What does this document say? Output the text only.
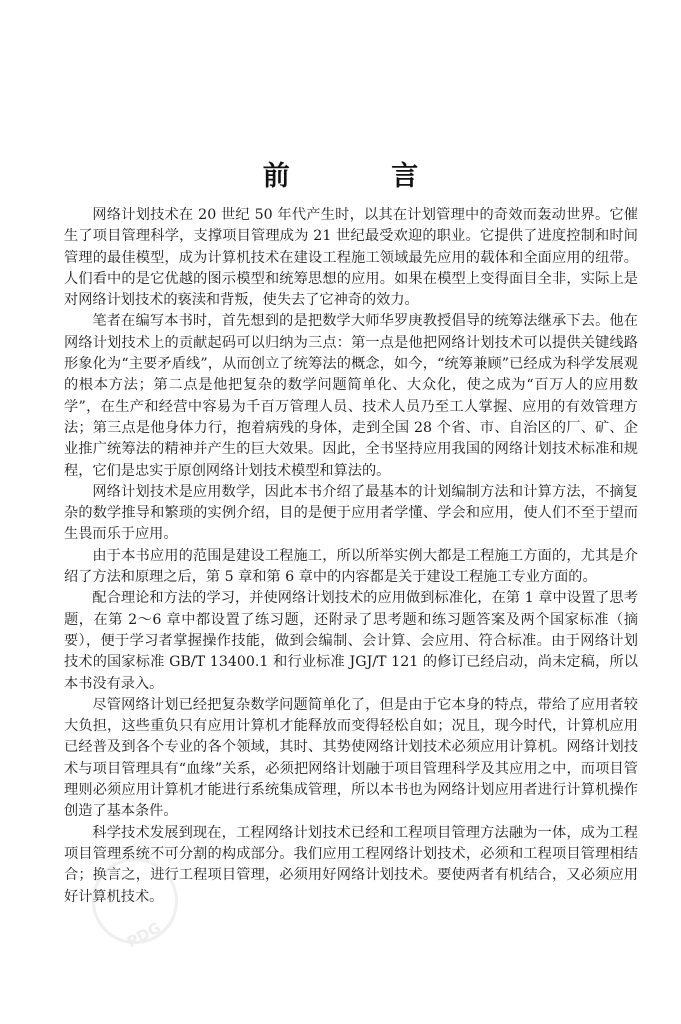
前 言

网络计划技术在 20 世纪 50 年代产生时，以其在计划管理中的奇效而轰动世界。它催生了项目管理科学，支撑项目管理成为 21 世纪最受欢迎的职业。它提供了进度控制和时间管理的最佳模型，成为计算机技术在建设工程施工领域最先应用的载体和全面应用的纽带。人们看中的是它优越的图示模型和统筹思想的应用。如果在模型上变得面目全非，实际上是对网络计划技术的亵渎和背叛，使失去了它神奇的效力。

笔者在编写本书时，首先想到的是把数学大师华罗庚教授倡导的统筹法继承下去。他在网络计划技术上的贡献起码可以归纳为三点：第一点是他把网络计划技术可以提供关键线路形象化为“主要矛盾线”，从而创立了统筹法的概念，如今，“统筹兼顾”已经成为科学发展观的根本方法；第二点是他把复杂的数学问题简单化、大众化，使之成为“百万人的应用数学”，在生产和经营中容易为千百万管理人员、技术人员乃至工人掌握、应用的有效管理方法；第三点是他身体力行，抱着病残的身体，走到全国 28 个省、市、自治区的厂、矿、企业推广统筹法的精神并产生的巨大效果。因此，全书坚持应用我国的网络计划技术标准和规程，它们是忠实于原创网络计划技术模型和算法的。

网络计划技术是应用数学，因此本书介绍了最基本的计划编制方法和计算方法，不摘复杂的数学推导和繁琐的实例介绍，目的是便于应用者学懂、学会和应用，使人们不至于望而生畏而乐于应用。

由于本书应用的范围是建设工程施工，所以所举实例大都是工程施工方面的，尤其是介绍了方法和原理之后，第 5 章和第 6 章中的内容都是关于建设工程施工专业方面的。

配合理论和方法的学习，并使网络计划技术的应用做到标准化，在第 1 章中设置了思考题，在第 2～6 章中都设置了练习题，还附录了思考题和练习题答案及两个国家标准（摘要），便于学习者掌握操作技能，做到会编制、会计算、会应用、符合标准。由于网络计划技术的国家标准 GB/T 13400.1 和行业标准 JGJ/T 121 的修订已经启动，尚未定稿，所以本书没有录入。

尽管网络计划已经把复杂数学问题简单化了，但是由于它本身的特点，带给了应用者较大负担，这些重负只有应用计算机才能释放而变得轻松自如；况且，现今时代，计算机应用已经普及到各个专业的各个领域，其时、其势使网络计划技术必须应用计算机。网络计划技术与项目管理具有“血缘”关系，必须把网络计划融于项目管理科学及其应用之中，而项目管理则必须应用计算机才能进行系统集成管理，所以本书也为网络计划应用者进行计算机操作创造了基本条件。

科学技术发展到现在，工程网络计划技术已经和工程项目管理方法融为一体，成为工程项目管理系统不可分割的构成部分。我们应用工程网络计划技术，必须和工程项目管理相结合；换言之，进行工程项目管理，必须用好网络计划技术。要使两者有机结合，又必须应用好计算机技术。

PDG
